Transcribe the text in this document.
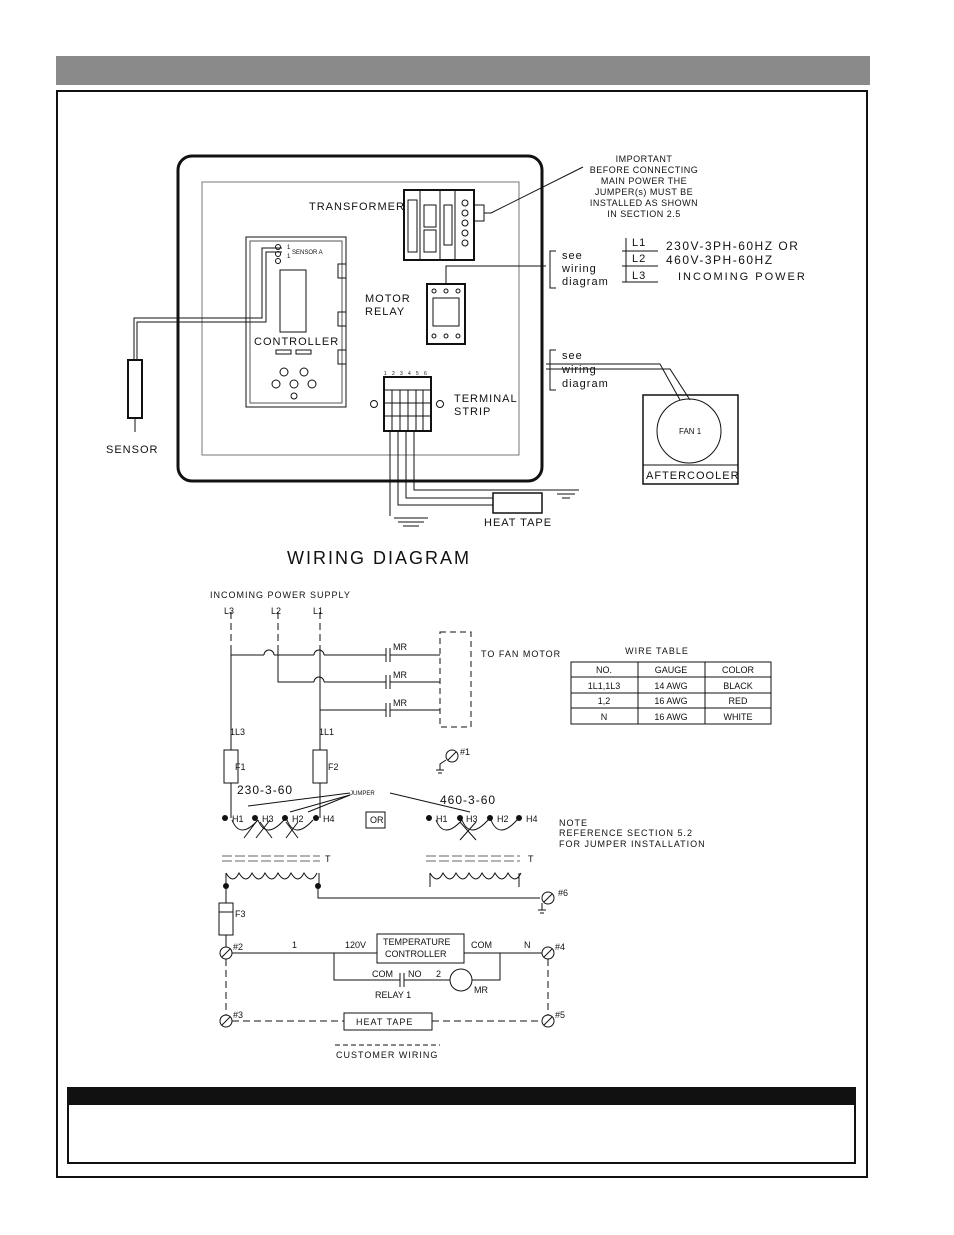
TRANSFORMER
MOTOR
RELAY
CONTROLLER
TERMINAL
STRIP
SENSOR
SENSOR A
1
1
FAN 1
AFTERCOOLER
HEAT TAPE
1 2 3 4 5 6
IMPORTANT
BEFORE CONNECTING
MAIN POWER THE
JUMPER(s) MUST BE
INSTALLED AS SHOWN
IN SECTION 2.5
see
wiring
diagram
see
wiring
diagram
L1
L2
L3
230V-3PH-60HZ OR
460V-3PH-60HZ
INCOMING POWER
WIRING DIAGRAM
INCOMING POWER SUPPLY
L3	L2	L1
1L3	1L1
MR
MR
MR
TO FAN MOTOR
F1	F2
F3
OR
JUMPER
230-3-60
460-3-60
H1 H3 H2 H4	H1 H3 H2 H4
T	T
#1
#6
#2	#4
#3	#5
1	120V	COM	N
TEMPERATURE
CONTROLLER
COM NO 2
MR
RELAY 1
HEAT TAPE
CUSTOMER WIRING
WIRE TABLE
NO.	GAUGE	COLOR
1L1,1L3	14 AWG	BLACK
1,2	16 AWG	RED
N	16 AWG	WHITE
NOTE
REFERENCE SECTION 5.2
FOR JUMPER INSTALLATION
